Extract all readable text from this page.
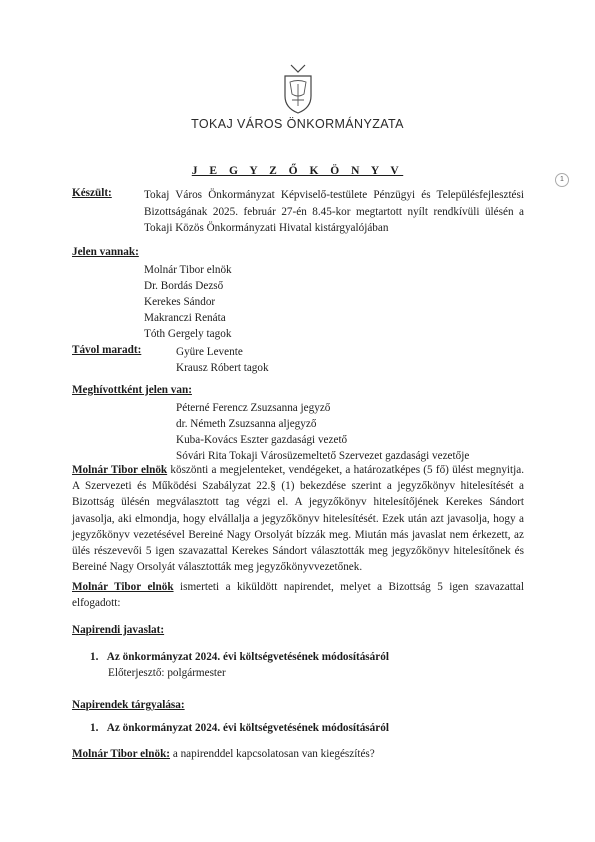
TOKAJ VÁROS ÖNKORMÁNYZATA
J E G Y Z Ő K Ö N Y V
1
Készült:	Tokaj Város Önkormányzat Képviselő-testülete Pénzügyi és Településfejlesztési Bizottságának 2025. február 27-én 8.45-kor megtartott nyílt rendkívüli ülésén a Tokaji Közös Önkormányzati Hivatal kistárgyalójában
Jelen vannak:
Molnár Tibor elnök
Dr. Bordás Dezső
Kerekes Sándor
Makranczi Renáta
Tóth Gergely tagok
Távol maradt:	Gyüre Levente
Krausz Róbert tagok
Meghívottként jelen van:
Péterné Ferencz Zsuzsanna jegyző
dr. Németh Zsuzsanna aljegyző
Kuba-Kovács Eszter gazdasági vezető
Sóvári Rita Tokaji Városüzemeltető Szervezet gazdasági vezetője
Molnár Tibor elnök köszönti a megjelenteket, vendégeket, a határozatképes (5 fő) ülést megnyitja. A Szervezeti és Működési Szabályzat 22.§ (1) bekezdése szerint a jegyzőkönyv hitelesítését a Bizottság ülésén megválasztott tag végzi el. A jegyzőkönyv hitelesítőjének Kerekes Sándort javasolja, aki elmondja, hogy elvállalja a jegyzőkönyv hitelesítését. Ezek után azt javasolja, hogy a jegyzőkönyv vezetésével Bereiné Nagy Orsolyát bízzák meg. Miután más javaslat nem érkezett, az ülés részevevői 5 igen szavazattal Kerekes Sándort választották meg jegyzőkönyv hitelesítőnek és Bereiné Nagy Orsolyát választották meg jegyzőkönyvvezetőnek.
Molnár Tibor elnök ismerteti a kiküldött napirendet, melyet a Bizottság 5 igen szavazattal elfogadott:
Napirendi javaslat:
1. Az önkormányzat 2024. évi költségvetésének módosításáról
Előterjesztő: polgármester
Napirendek tárgyalása:
1. Az önkormányzat 2024. évi költségvetésének módosításáról
Molnár Tibor elnök: a napirenddel kapcsolatosan van kiegészítés?
